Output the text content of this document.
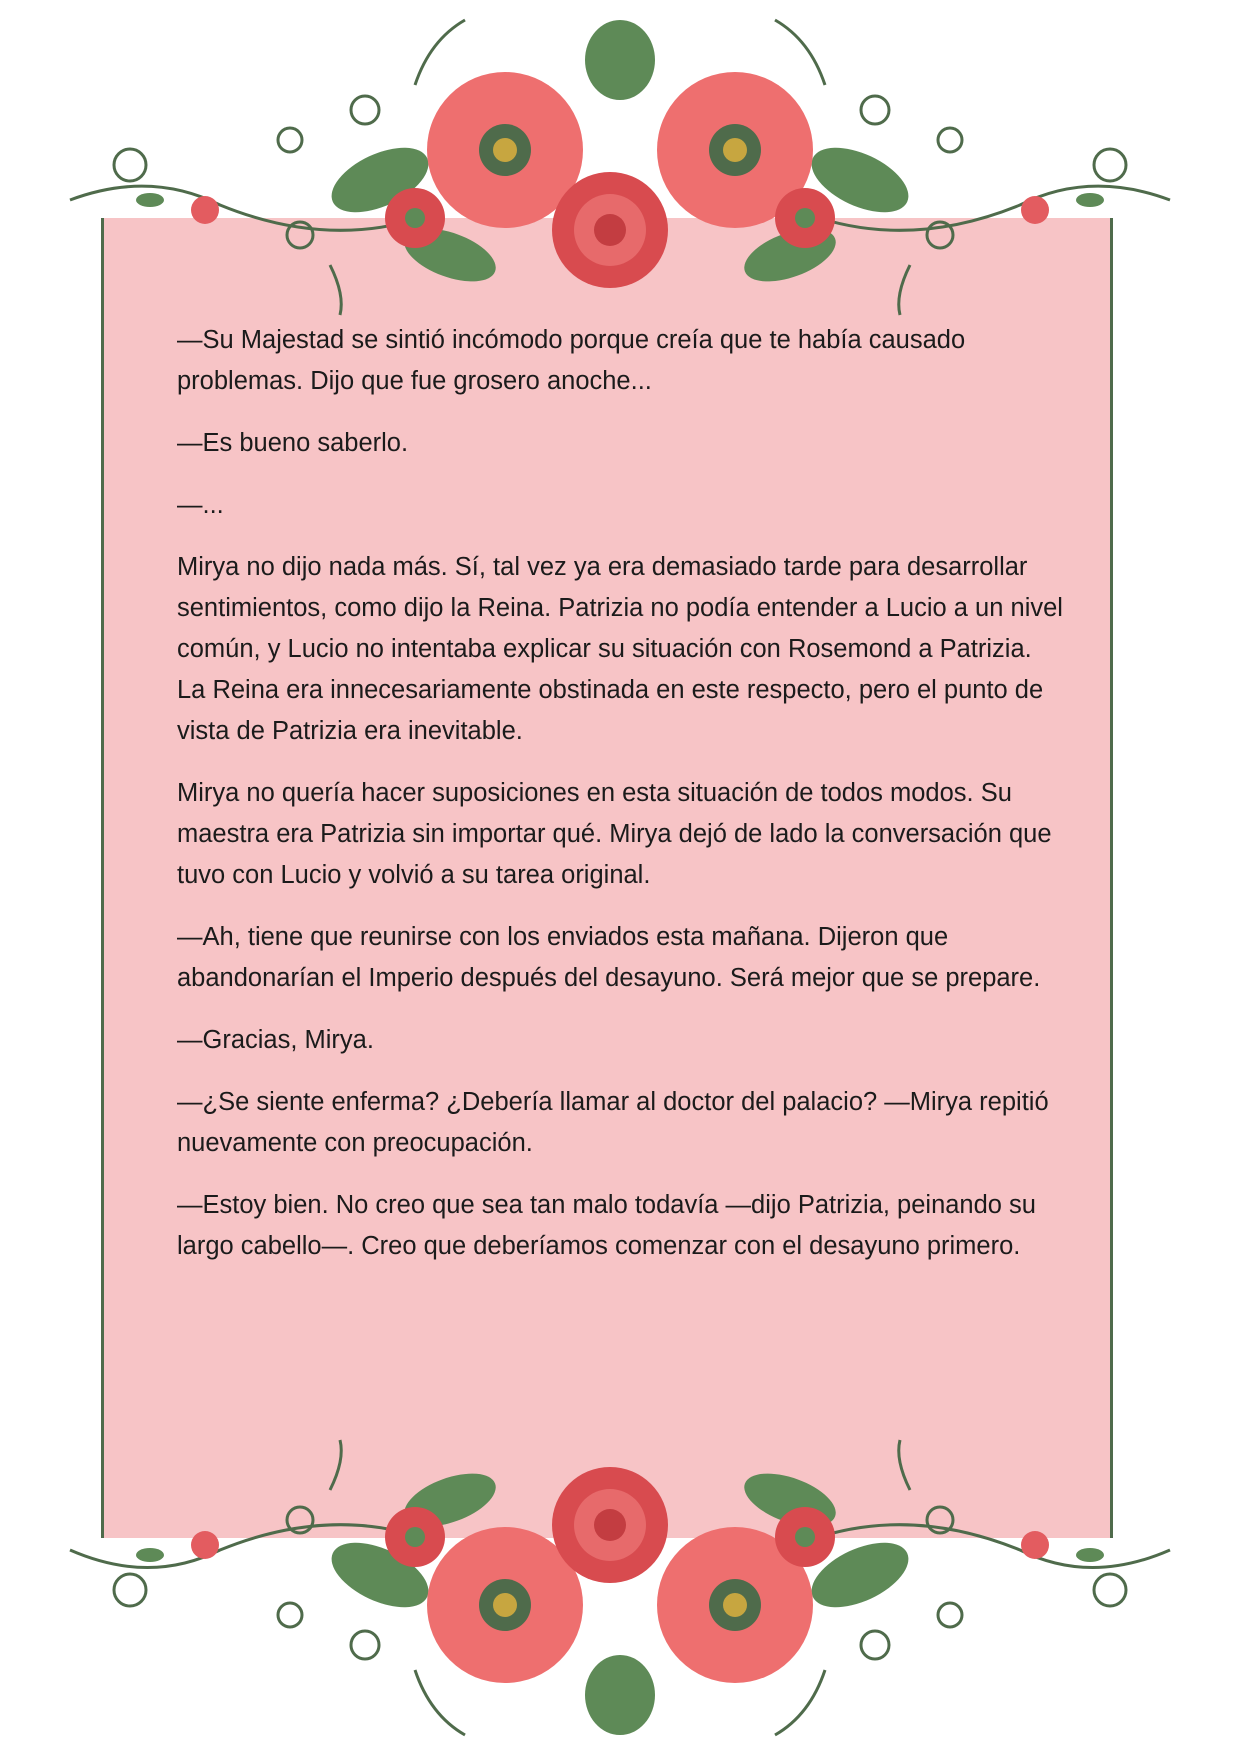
—Su Majestad se sintió incómodo porque creía que te había causado problemas. Dijo que fue grosero anoche...

—Es bueno saberlo.

—...

Mirya no dijo nada más. Sí, tal vez ya era demasiado tarde para desarrollar sentimientos, como dijo la Reina. Patrizia no podía entender a Lucio a un nivel común, y Lucio no intentaba explicar su situación con Rosemond a Patrizia. La Reina era innecesariamente obstinada en este respecto, pero el punto de vista de Patrizia era inevitable.

Mirya no quería hacer suposiciones en esta situación de todos modos. Su maestra era Patrizia sin importar qué. Mirya dejó de lado la conversación que tuvo con Lucio y volvió a su tarea original.

—Ah, tiene que reunirse con los enviados esta mañana. Dijeron que abandonarían el Imperio después del desayuno. Será mejor que se prepare.

—Gracias, Mirya.

—¿Se siente enferma? ¿Debería llamar al doctor del palacio? —Mirya repitió nuevamente con preocupación.

—Estoy bien. No creo que sea tan malo todavía —dijo Patrizia, peinando su largo cabello—. Creo que deberíamos comenzar con el desayuno primero.
